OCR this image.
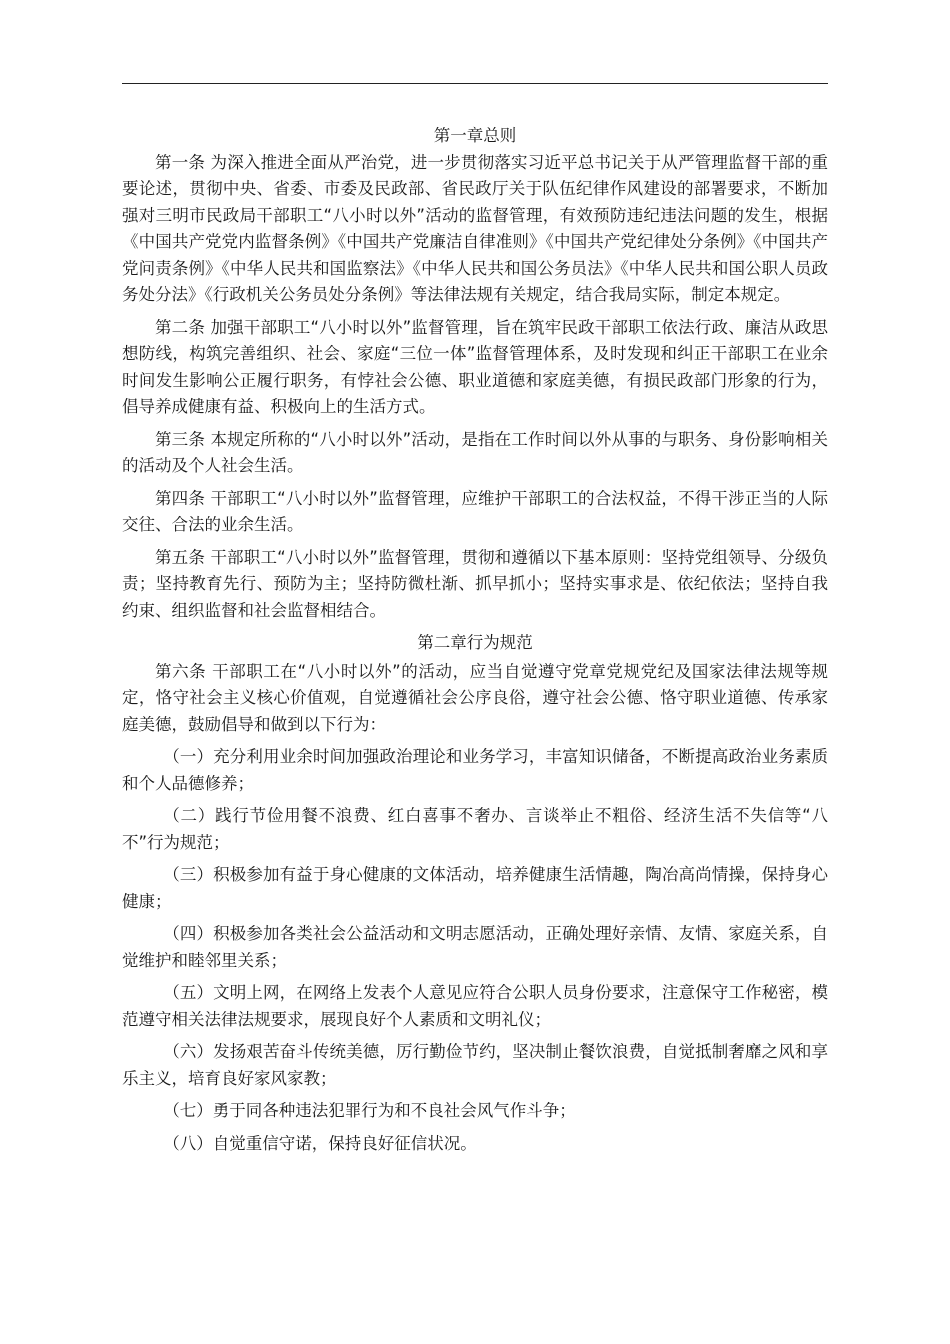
第一章总则

第一条 为深入推进全面从严治党，进一步贯彻落实习近平总书记关于从严管理监督干部的重要论述，贯彻中央、省委、市委及民政部、省民政厅关于队伍纪律作风建设的部署要求，不断加强对三明市民政局干部职工“八小时以外”活动的监督管理，有效预防违纪违法问题的发生，根据《中国共产党党内监督条例》《中国共产党廉洁自律准则》《中国共产党纪律处分条例》《中国共产党问责条例》《中华人民共和国监察法》《中华人民共和国公务员法》《中华人民共和国公职人员政务处分法》《行政机关公务员处分条例》等法律法规有关规定，结合我局实际，制定本规定。

第二条 加强干部职工“八小时以外”监督管理，旨在筑牢民政干部职工依法行政、廉洁从政思想防线，构筑完善组织、社会、家庭“三位一体”监督管理体系，及时发现和纠正干部职工在业余时间发生影响公正履行职务，有悖社会公德、职业道德和家庭美德，有损民政部门形象的行为，倡导养成健康有益、积极向上的生活方式。

第三条 本规定所称的“八小时以外”活动，是指在工作时间以外从事的与职务、身份影响相关的活动及个人社会生活。

第四条 干部职工“八小时以外”监督管理，应维护干部职工的合法权益，不得干涉正当的人际交往、合法的业余生活。

第五条 干部职工“八小时以外”监督管理，贯彻和遵循以下基本原则：坚持党组领导、分级负责；坚持教育先行、预防为主；坚持防微杜渐、抓早抓小；坚持实事求是、依纪依法；坚持自我约束、组织监督和社会监督相结合。

第二章行为规范

第六条 干部职工在“八小时以外”的活动，应当自觉遵守党章党规党纪及国家法律法规等规定，恪守社会主义核心价值观，自觉遵循社会公序良俗，遵守社会公德、恪守职业道德、传承家庭美德，鼓励倡导和做到以下行为：

（一）充分利用业余时间加强政治理论和业务学习，丰富知识储备，不断提高政治业务素质和个人品德修养；

（二）践行节俭用餐不浪费、红白喜事不奢办、言谈举止不粗俗、经济生活不失信等“八不”行为规范；

（三）积极参加有益于身心健康的文体活动，培养健康生活情趣，陶冶高尚情操，保持身心健康；

（四）积极参加各类社会公益活动和文明志愿活动，正确处理好亲情、友情、家庭关系，自觉维护和睦邻里关系；

（五）文明上网，在网络上发表个人意见应符合公职人员身份要求，注意保守工作秘密，模范遵守相关法律法规要求，展现良好个人素质和文明礼仪；

（六）发扬艰苦奋斗传统美德，厉行勤俭节约，坚决制止餐饮浪费，自觉抵制奢靡之风和享乐主义，培育良好家风家教；

（七）勇于同各种违法犯罪行为和不良社会风气作斗争；

（八）自觉重信守诺，保持良好征信状况。
